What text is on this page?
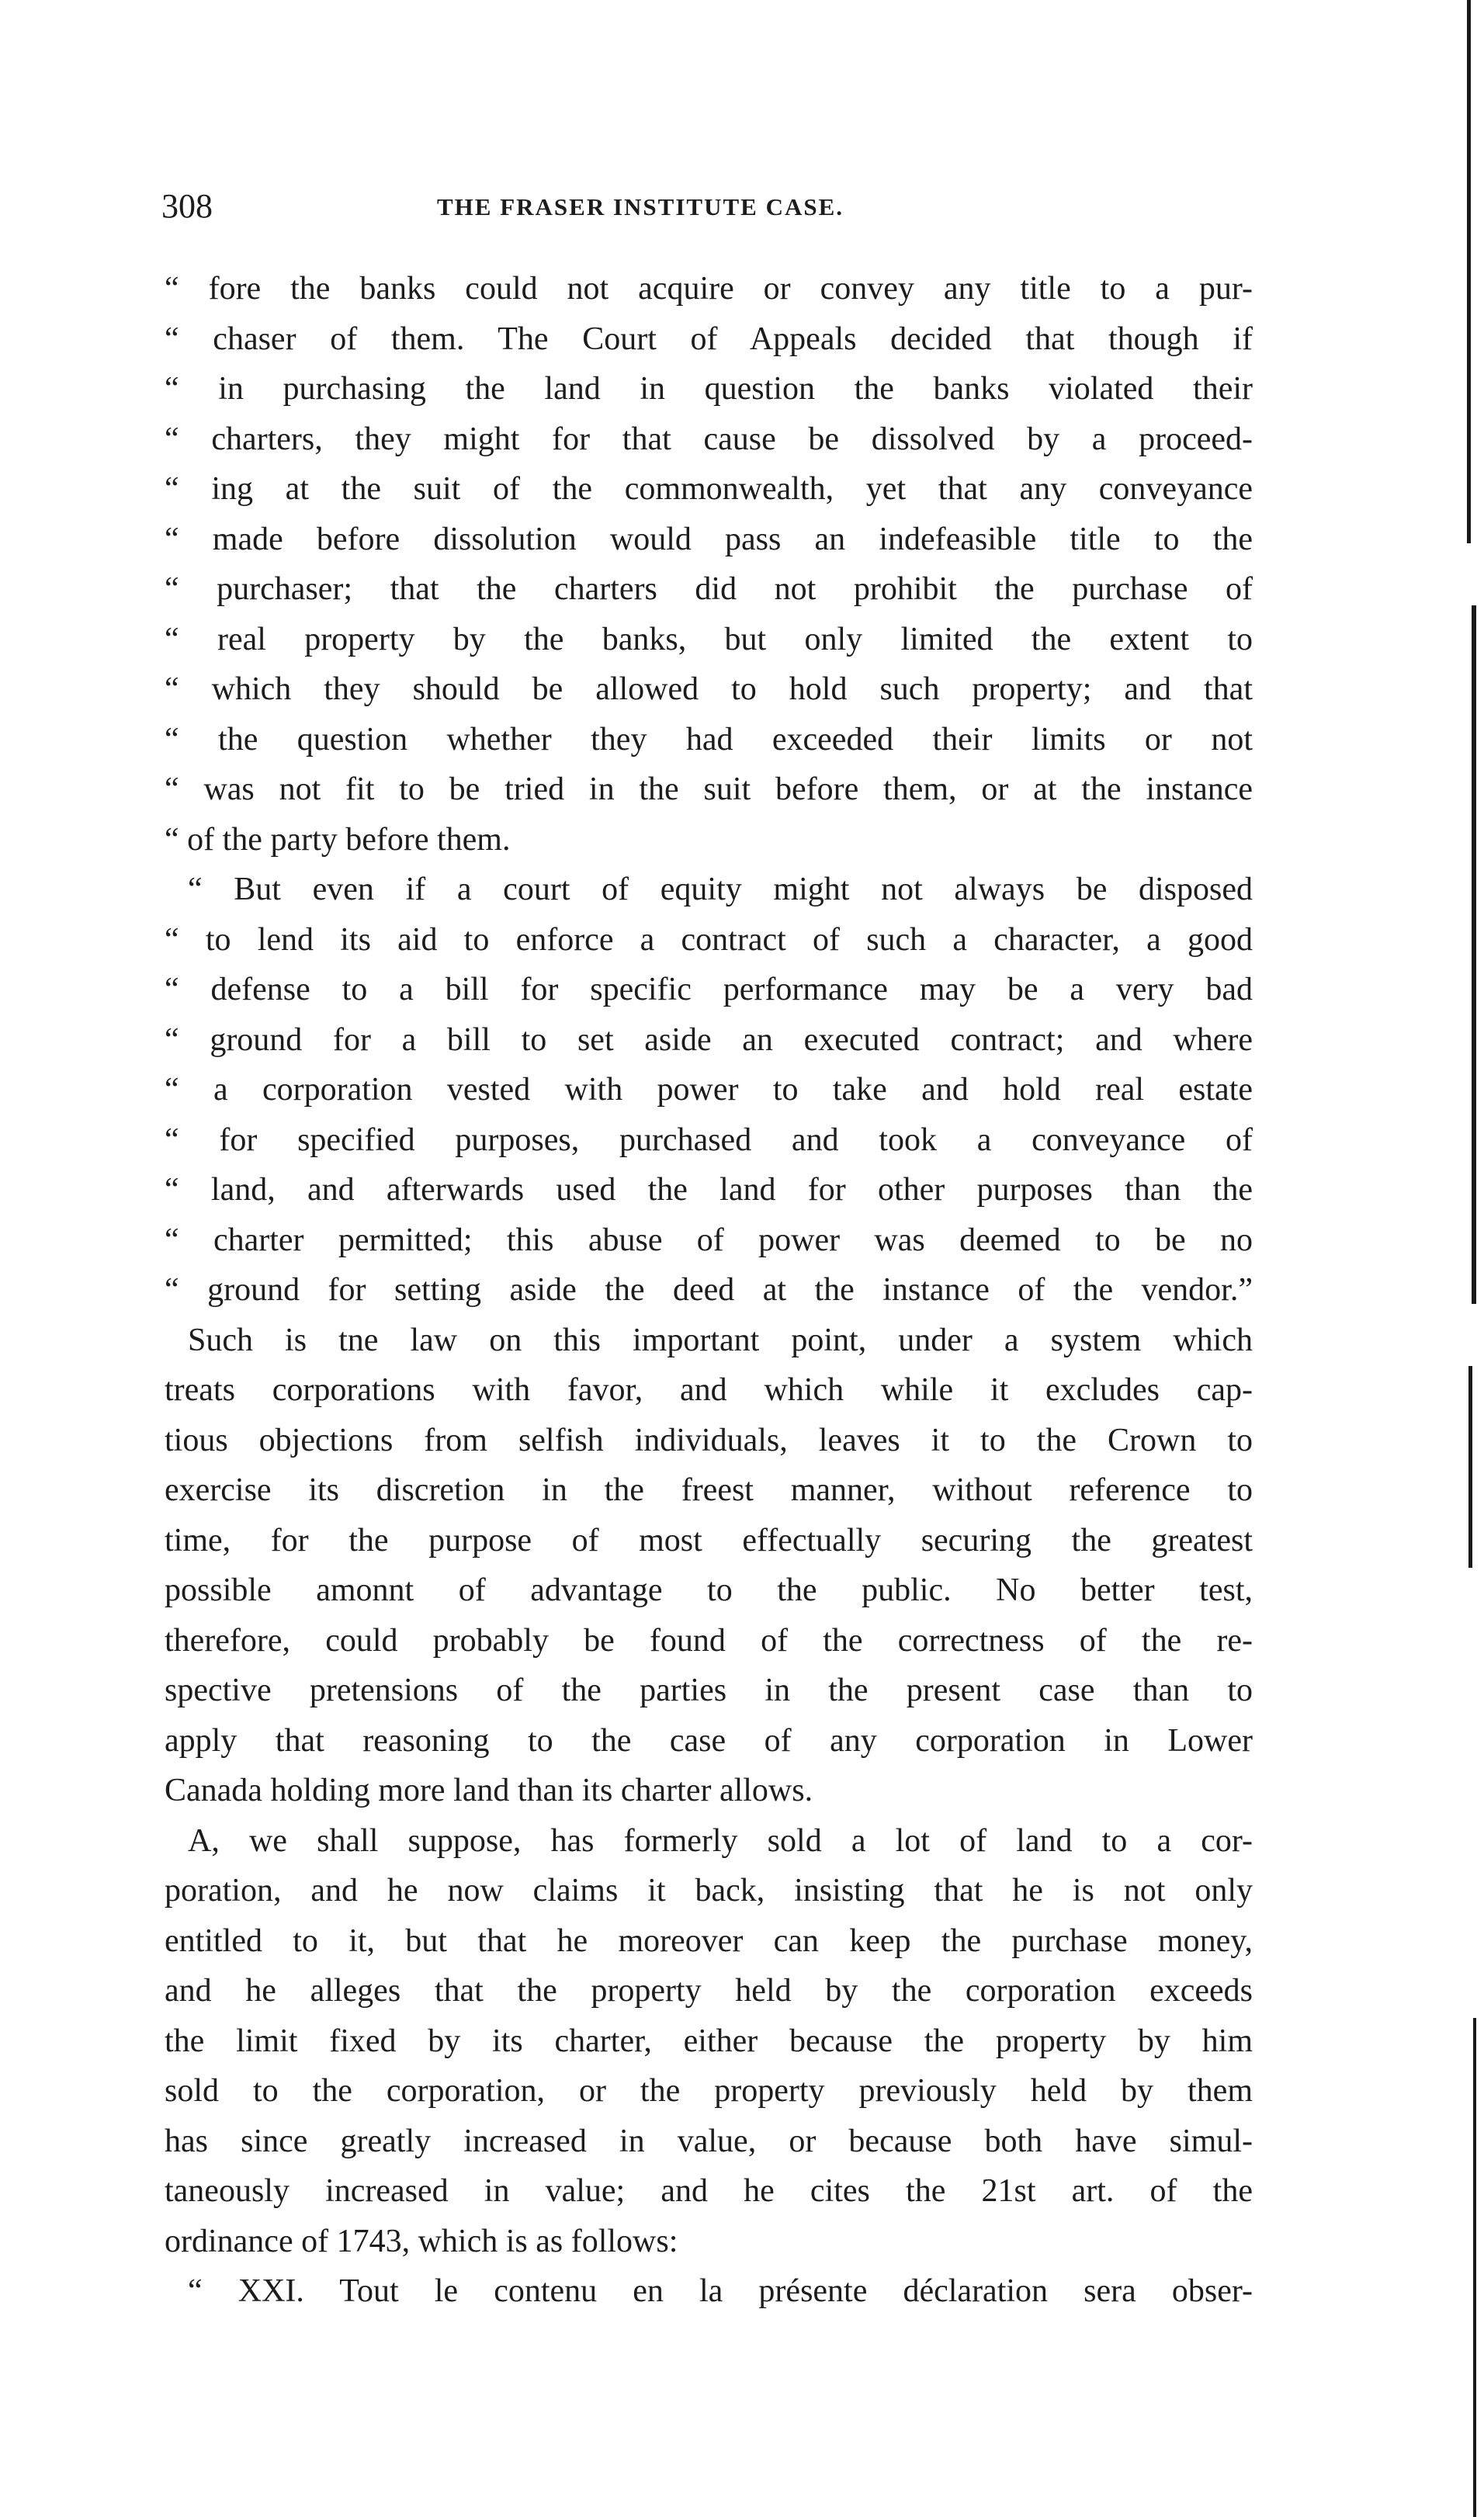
308	THE FRASER INSTITUTE CASE.
“ fore the banks could not acquire or convey any title to a pur-
“ chaser of them. The Court of Appeals decided that though if
“ in purchasing the land in question the banks violated their
“ charters, they might for that cause be dissolved by a proceed-
“ ing at the suit of the commonwealth, yet that any conveyance
“ made before dissolution would pass an indefeasible title to the
“ purchaser; that the charters did not prohibit the purchase of
“ real property by the banks, but only limited the extent to
“ which they should be allowed to hold such property; and that
“ the question whether they had exceeded their limits or not
“ was not fit to be tried in the suit before them, or at the instance
“ of the party before them.
“ But even if a court of equity might not always be disposed
“ to lend its aid to enforce a contract of such a character, a good
“ defense to a bill for specific performance may be a very bad
“ ground for a bill to set aside an executed contract; and where
“ a corporation vested with power to take and hold real estate
“ for specified purposes, purchased and took a conveyance of
“ land, and afterwards used the land for other purposes than the
“ charter permitted; this abuse of power was deemed to be no
“ ground for setting aside the deed at the instance of the vendor.”
Such is tne law on this important point, under a system which
treats corporations with favor, and which while it excludes cap-
tious objections from selfish individuals, leaves it to the Crown to
exercise its discretion in the freest manner, without reference to
time, for the purpose of most effectually securing the greatest
possible amonnt of advantage to the public. No better test,
therefore, could probably be found of the correctness of the re-
spective pretensions of the parties in the present case than to
apply that reasoning to the case of any corporation in Lower
Canada holding more land than its charter allows.
A, we shall suppose, has formerly sold a lot of land to a cor-
poration, and he now claims it back, insisting that he is not only
entitled to it, but that he moreover can keep the purchase money,
and he alleges that the property held by the corporation exceeds
the limit fixed by its charter, either because the property by him
sold to the corporation, or the property previously held by them
has since greatly increased in value, or because both have simul-
taneously increased in value; and he cites the 21st art. of the
ordinance of 1743, which is as follows:
“ XXI. Tout le contenu en la présente déclaration sera obser-
